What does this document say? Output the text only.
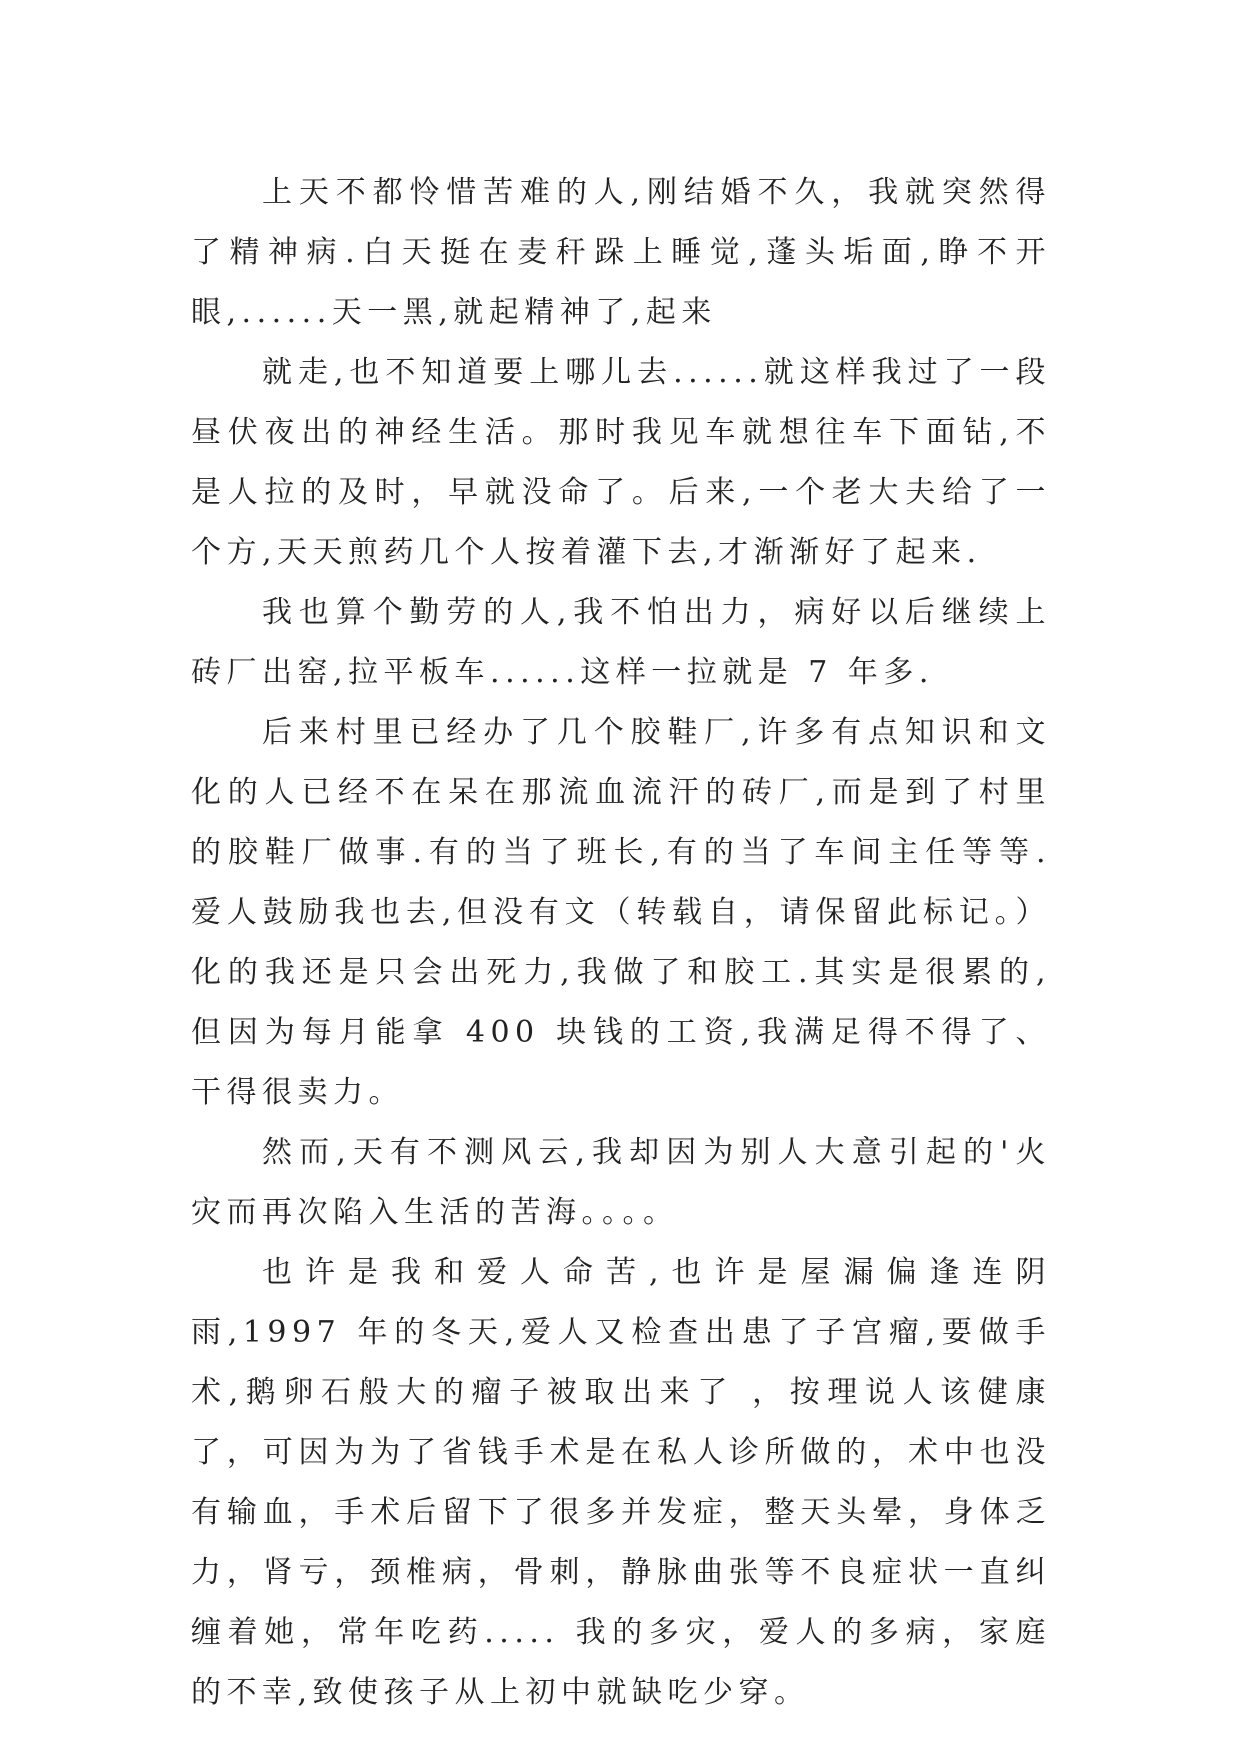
上天不都怜惜苦难的人,刚结婚不久，我就突然得了精神病.白天挺在麦秆跺上睡觉,蓬头垢面,睁不开眼,......天一黑,就起精神了,起来

就走,也不知道要上哪儿去......就这样我过了一段昼伏夜出的神经生活。那时我见车就想往车下面钻,不是人拉的及时，早就没命了。后来,一个老大夫给了一个方,天天煎药几个人按着灌下去,才渐渐好了起来.

我也算个勤劳的人,我不怕出力，病好以后继续上砖厂出窑,拉平板车......这样一拉就是 7 年多.

后来村里已经办了几个胶鞋厂,许多有点知识和文化的人已经不在呆在那流血流汗的砖厂,而是到了村里的胶鞋厂做事.有的当了班长,有的当了车间主任等等.爱人鼓励我也去,但没有文（转载自，请保留此标记。）化的我还是只会出死力,我做了和胶工.其实是很累的,但因为每月能拿 400 块钱的工资,我满足得不得了、干得很卖力。

然而,天有不测风云,我却因为别人大意引起的'火灾而再次陷入生活的苦海。。。。

也许是我和爱人命苦,也许是屋漏偏逢连阴雨,1997 年的冬天,爱人又检查出患了子宫瘤,要做手术,鹅卵石般大的瘤子被取出来了 ，按理说人该健康了，可因为为了省钱手术是在私人诊所做的，术中也没有输血，手术后留下了很多并发症，整天头晕，身体乏力，肾亏，颈椎病，骨刺，静脉曲张等不良症状一直纠缠着她，常年吃药..... 我的多灾，爱人的多病，家庭的不幸,致使孩子从上初中就缺吃少穿。
